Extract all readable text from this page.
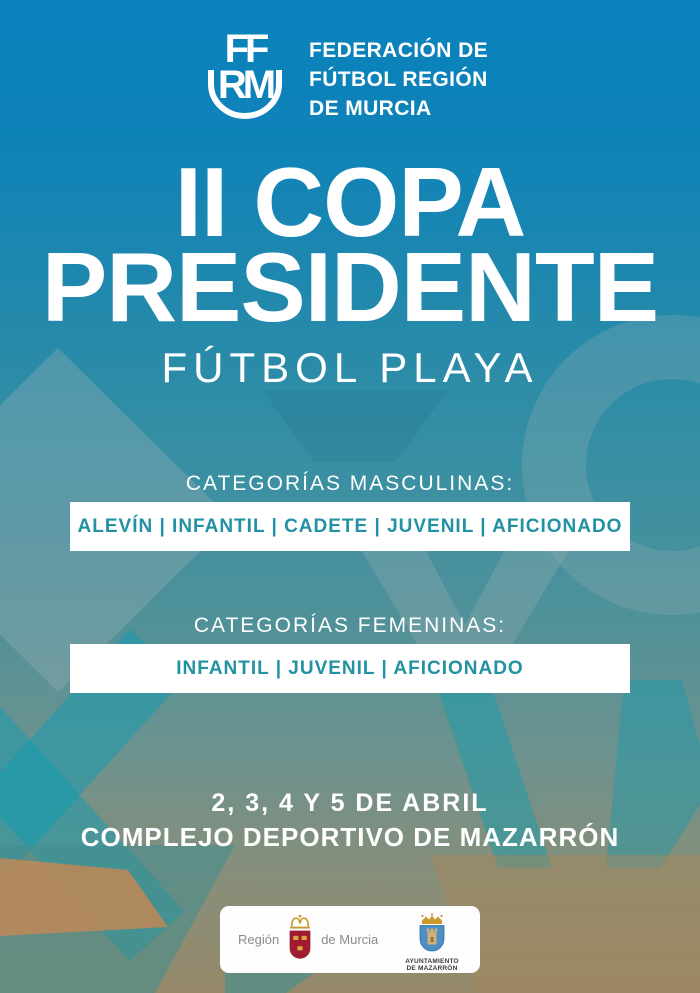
FF
RM
FEDERACIÓN DE
FÚTBOL REGIÓN
DE MURCIA
II COPA
PRESIDENTE
FÚTBOL PLAYA
CATEGORÍAS MASCULINAS:
ALEVÍN | INFANTIL | CADETE | JUVENIL | AFICIONADO
CATEGORÍAS FEMENINAS:
INFANTIL | JUVENIL | AFICIONADO
2, 3, 4 Y 5 DE ABRIL
COMPLEJO DEPORTIVO DE MAZARRÓN
Región	de Murcia
AYUNTAMIENTO
DE MAZARRÓN
